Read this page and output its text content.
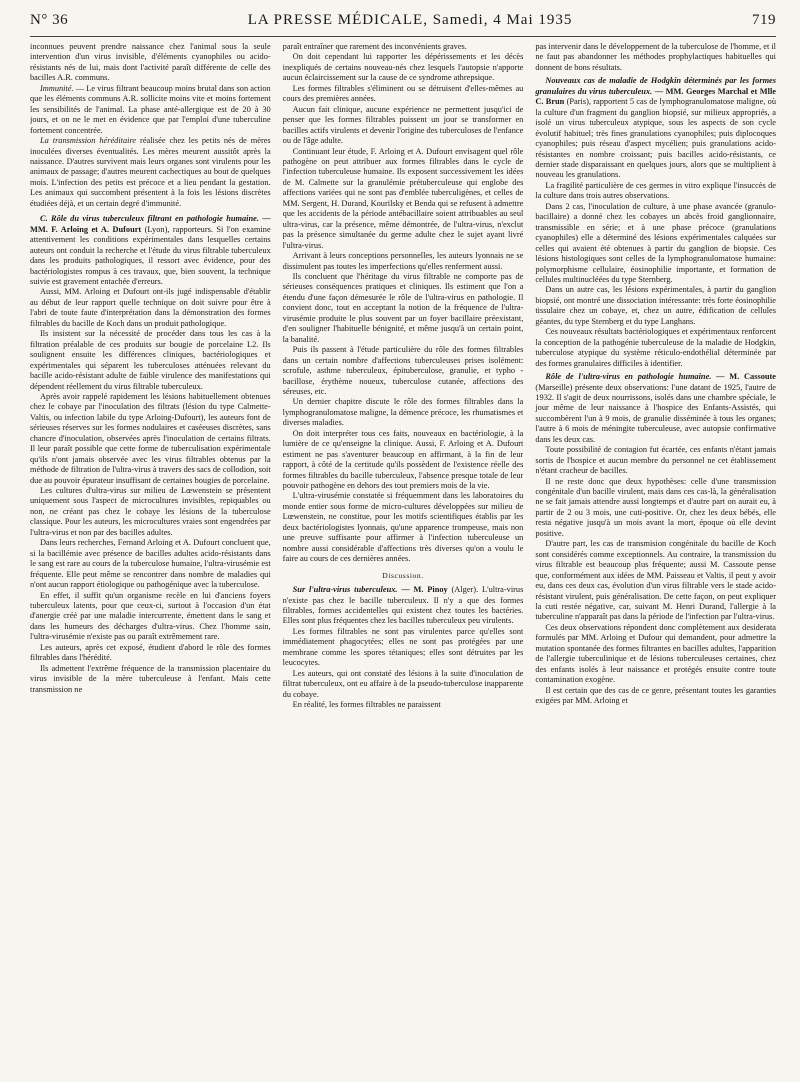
N° 36	LA PRESSE MÉDICALE, Samedi, 4 Mai 1935	719

inconnues peuvent prendre naissance chez l'animal sous la seule intervention d'un virus invisible, d'éléments cyanophiles ou acido-résistants nés de lui, mais dont l'activité paraît différente de celle des bacilles A.R. communs.

Immunité. — Le virus filtrant beaucoup moins brutal dans son action que les éléments communs A.R. sollicite moins vite et moins fortement les sensibilités de l'animal. La phase anté-allergique est de 20 à 30 jours, et on ne le met en évidence que par l'emploi d'une tuberculine fortement concentrée.

La transmission héréditaire réalisée chez les petits nés de mères inoculées diverses éventualités. Les mères meurent aussitôt après la naissance. D'autres survivent mais leurs organes sont virulents pour les animaux de passage; d'autres meurent cachectiques au bout de quelques mois. L'infection des petits est précoce et a lieu pendant la gestation. Les animaux qui succombent présentent à la fois les lésions discrètes étudiées déjà, et un certain degré d'immunité.

C. Rôle du virus tuberculeux filtrant en pathologie humaine. — MM. F. Arloing et A. Dufourt (Lyon), rapporteurs. Si l'on examine attentivement les conditions expérimentales dans lesquelles certains auteurs ont conduit la recherche et l'étude du virus filtrable tuberculeux dans les produits pathologiques, il ressort avec évidence, pour des bactériologistes rompus à ces travaux, que, bien souvent, la technique suivie est gravement entachée d'erreurs.

Aussi, MM. Arloing et Dufourt ont-ils jugé indispensable d'établir au début de leur rapport quelle technique on doit suivre pour être à l'abri de toute faute d'interprétation dans la démonstration des formes filtrables du bacille de Koch dans un produit pathologique.

Ils insistent sur la nécessité de procéder dans tous les cas à la filtration préalable de ces produits sur bougie de porcelaine L2. Ils soulignent ensuite les différences cliniques, bactériologiques et expérimentales qui séparent les tuberculoses atténuées relevant du bacille acido-résistant adulte de faible virulence des manifestations qui dépendent réellement du virus filtrable tuberculeux.

Après avoir rappelé rapidement les lésions habituellement obtenues chez le cobaye par l'inoculation des filtrats (lésion du type Calmette-Valtis, ou infection labile du type Arloing-Dufourt), les auteurs font de sérieuses réserves sur les formes nodulaires et caséeuses discrètes, sans chancre d'inoculation, observées après l'inoculation de certains filtrats. Il leur paraît possible que cette forme de tuberculisation expérimentale qu'ils n'ont jamais observée avec les virus filtrables obtenus par la méthode de filtration de l'ultra-virus à travers des sacs de collodion, soit due au pouvoir épurateur insuffisant de certaines bougies de porcelaine.

Les cultures d'ultra-virus sur milieu de Lœwenstein se présentent uniquement sous l'aspect de microcultures invisibles, repiquables ou non, ne créant pas chez le cobaye les lésions de la tuberculose classique. Pour les auteurs, les microcultures vraies sont engendrées par l'ultra-virus et non par des bacilles adultes.

Dans leurs recherches, Fernand Arloing et A. Dufourt concluent que, si la bacillémie avec présence de bacilles adultes acido-résistants dans le sang est rare au cours de la tuberculose humaine, l'ultra-virusémie est fréquente. Elle peut même se rencontrer dans nombre de maladies qui n'ont aucun rapport étiologique ou pathogénique avec la tuberculose.

En effet, il suffit qu'un organisme recèle en lui d'anciens foyers tuberculeux latents, pour que ceux-ci, surtout à l'occasion d'un état d'anergie créé par une maladie intercurrente, émettent dans le sang et dans les humeurs des décharges d'ultra-virus. Chez l'homme sain, l'ultra-virusémie n'existe pas ou paraît extrêmement rare.

Les auteurs, après cet exposé, étudient d'abord le rôle des formes filtrables dans l'hérédité.

Ils admettent l'extrême fréquence de la transmission placentaire du virus invisible de la mère tuberculeuse à l'enfant. Mais cette transmission ne

paraît entraîner que rarement des inconvénients graves.

On doit cependant lui rapporter les dépérissements et les décès inexpliqués de certains nouveau-nés chez lesquels l'autopsie n'apporte aucun éclaircissement sur la cause de ce syndrome athrepsique.

Les formes filtrables s'éliminent ou se détruisent d'elles-mêmes au cours des premières années.

Aucun fait clinique, aucune expérience ne permettent jusqu'ici de penser que les formes filtrables puissent un jour se transformer en bacilles actifs virulents et devenir l'origine des tuberculoses de l'enfance ou de l'âge adulte.

Continuant leur étude, F. Arloing et A. Dufourt envisagent quel rôle pathogène on peut attribuer aux formes filtrables dans le cycle de l'infection tuberculeuse humaine. Ils exposent successivement les idées de M. Calmette sur la granulémie prétuberculeuse qui englobe des affections variées qui ne sont pas d'emblée tuberculigènes, et celles de MM. Sergent, H. Durand, Kourilsky et Benda qui se refusent à admettre que les accidents de la période antébacillaire soient attribuables au seul ultra-virus, car la présence, même démontrée, de l'ultra-virus, n'exclut pas la présence simultanée du germe adulte chez le sujet ayant livré l'ultra-virus.

Arrivant à leurs conceptions personnelles, les auteurs lyonnais ne se dissimulent pas toutes les imperfections qu'elles renferment aussi.

Ils concluent que l'héritage du virus filtrable ne comporte pas de sérieuses conséquences pratiques et cliniques. Ils estiment que l'on a étendu d'une façon démesurée le rôle de l'ultra-virus en pathologie. Il convient donc, tout en acceptant la notion de la fréquence de l'ultra-virusémie produite le plus souvent par un foyer bacillaire préexistant, d'en souligner l'habituelle bénignité, et même jusqu'à un certain point, la banalité.

Puis ils passent à l'étude particulière du rôle des formes filtrables dans un certain nombre d'affections tuberculeuses prises isolément: scrofule, asthme tuberculeux, épituberculose, granulie, et typho - bacillose, érythème noueux, tuberculose cutanée, affections des séreuses, etc.

Un dernier chapitre discute le rôle des formes filtrables dans la lymphogranulomatose maligne, la démence précoce, les rhumatismes et diverses maladies.

On doit interpréter tous ces faits, nouveaux en bactériologie, à la lumière de ce qu'enseigne la clinique. Aussi, F. Arloing et A. Dufourt estiment ne pas s'aventurer beaucoup en affirmant, à la fin de leur rapport, à côté de la certitude qu'ils possèdent de l'existence réelle des formes filtrables du bacille tuberculeux, l'absence presque totale de leur pouvoir pathogène en dehors des tout premiers mois de la vie.

L'ultra-virusémie constatée si fréquemment dans les laboratoires du monde entier sous forme de micro-cultures développées sur milieu de Lœwenstein, ne constitue, pour les motifs scientifiques établis par les deux bactériologistes lyonnais, qu'une apparence trompeuse, mais non une preuve suffisante pour affirmer à l'infection tuberculeuse un nombre aussi considérable d'affections très diverses qu'on a voulu le faire au cours de ces dernières années.

Discussion.

Sur l'ultra-virus tuberculeux. — M. Pinoy (Alger). L'ultra-virus n'existe pas chez le bacille tuberculeux. Il n'y a que des formes filtrables, formes accidentelles qui existent chez toutes les bactéries. Elles sont plus fréquentes chez les bacilles tuberculeux peu virulents.

Les formes filtrables ne sont pas virulentes parce qu'elles sont immédiatement phagocytées; elles ne sont pas protégées par une membrane comme les spores tétaniques; elles sont détruites par les leucocytes.

Les auteurs, qui ont constaté des lésions à la suite d'inoculation de filtrat tuberculeux, ont eu affaire à de la pseudo-tuberculose inapparente du cobaye.

En réalité, les formes filtrables ne paraissent

pas intervenir dans le développement de la tuberculose de l'homme, et il ne faut pas abandonner les méthodes prophylactiques habituelles qui donnent de bons résultats.

Nouveaux cas de maladie de Hodgkin déterminés par les formes granulaires du virus tuberculeux. — MM. Georges Marchal et Mlle C. Brun (Paris), rapportent 5 cas de lymphogranulomatose maligne, où la culture d'un fragment du ganglion biopsié, sur milieux appropriés, a isolé un virus tuberculeux atypique, sous les aspects de son cycle évolutif habituel; très fines granulations cyanophiles; puis diplocoques cyanophiles; puis réseau d'aspect mycélien; puis granulations acido-résistantes en nombre croissant; puis bacilles acido-résistants, ce dernier stade disparaissant en quelques jours, alors que se multiplient à nouveau les granulations.

La fragilité particulière de ces germes in vitro explique l'insuccès de la culture dans trois autres observations.

Dans 2 cas, l'inoculation de culture, à une phase avancée (granulo-bacillaire) a donné chez les cobayes un abcès froid ganglionnaire, transmissible en série; et à une phase précoce (granulations cyanophiles) elle a déterminé des lésions expérimentales calquées sur celles qui avaient été obtenues à partir du ganglion de biopsie. Ces lésions histologiques sont celles de la lymphogranulomatose humaine: polymorphisme cellulaire, éosinophilie importante, et formation de cellules multinucléées du type Sternberg.

Dans un autre cas, les lésions expérimentales, à partir du ganglion biopsié, ont montré une dissociation intéressante: très forte éosinophilie tissulaire chez un cobaye, et, chez un autre, édification de cellules géantes, du type Sternberg et du type Langhans.

Ces nouveaux résultats bactériologiques et expérimentaux renforcent la conception de la pathogénie tuberculeuse de la maladie de Hodgkin, tuberculose atypique du système réticulo-endothélial déterminée par des formes granulaires difficiles à identifier.

Rôle de l'ultra-virus en pathologie humaine. — M. Cassoute (Marseille) présente deux observations: l'une datant de 1925, l'autre de 1932. Il s'agit de deux nourrissons, isolés dans une chambre spéciale, le jour même de leur naissance à l'hospice des Enfants-Assistés, qui succombèrent l'un à 9 mois, de granulie disséminée à tous les organes; l'autre à 6 mois de méningite tuberculeuse, avec autopsie confirmative dans les deux cas.

Toute possibilité de contagion fut écartée, ces enfants n'étant jamais sortis de l'hospice et aucun membre du personnel ne cet établissement n'étant cracheur de bacilles.

Il ne reste donc que deux hypothèses: celle d'une transmission congénitale d'un bacille virulent, mais dans ces cas-là, la généralisation ne se fait jamais attendre aussi longtemps et d'autre part on aurait eu, à partir de 2 ou 3 mois, une cuti-positive. Or, chez les deux bébés, elle resta négative jusqu'à un mois avant la mort, époque où elle devint positive.

D'autre part, les cas de transmision congénitale du bacille de Koch sont considérés comme exceptionnels. Au contraire, la transmission du virus filtrable est beaucoup plus fréquente; aussi M. Cassoute pense que, conformément aux idées de MM. Paisseau et Valtis, il peut y avoir eu, dans ces deux cas, évolution d'un virus filtrable vers le stade acido-résistant virulent, puis généralisation. De cette façon, on peut expliquer la cuti restée négative, car, suivant M. Henri Durand, l'allergie à la tuberculine n'apparaît pas dans la période de l'infection par l'ultra-virus.

Ces deux observations répondent donc complètement aux desiderata formulés par MM. Arloing et Dufour qui demandent, pour admettre la mutation spontanée des formes filtrantes en bacilles adultes, l'apparition de l'allergie tuberculinique et de lésions tuberculeuses certaines, chez des enfants isolés à leur naissance et protégés ensuite contre toute contamination exogène.

Il est certain que des cas de ce genre, présentant toutes les garanties exigées par MM. Arloing et
